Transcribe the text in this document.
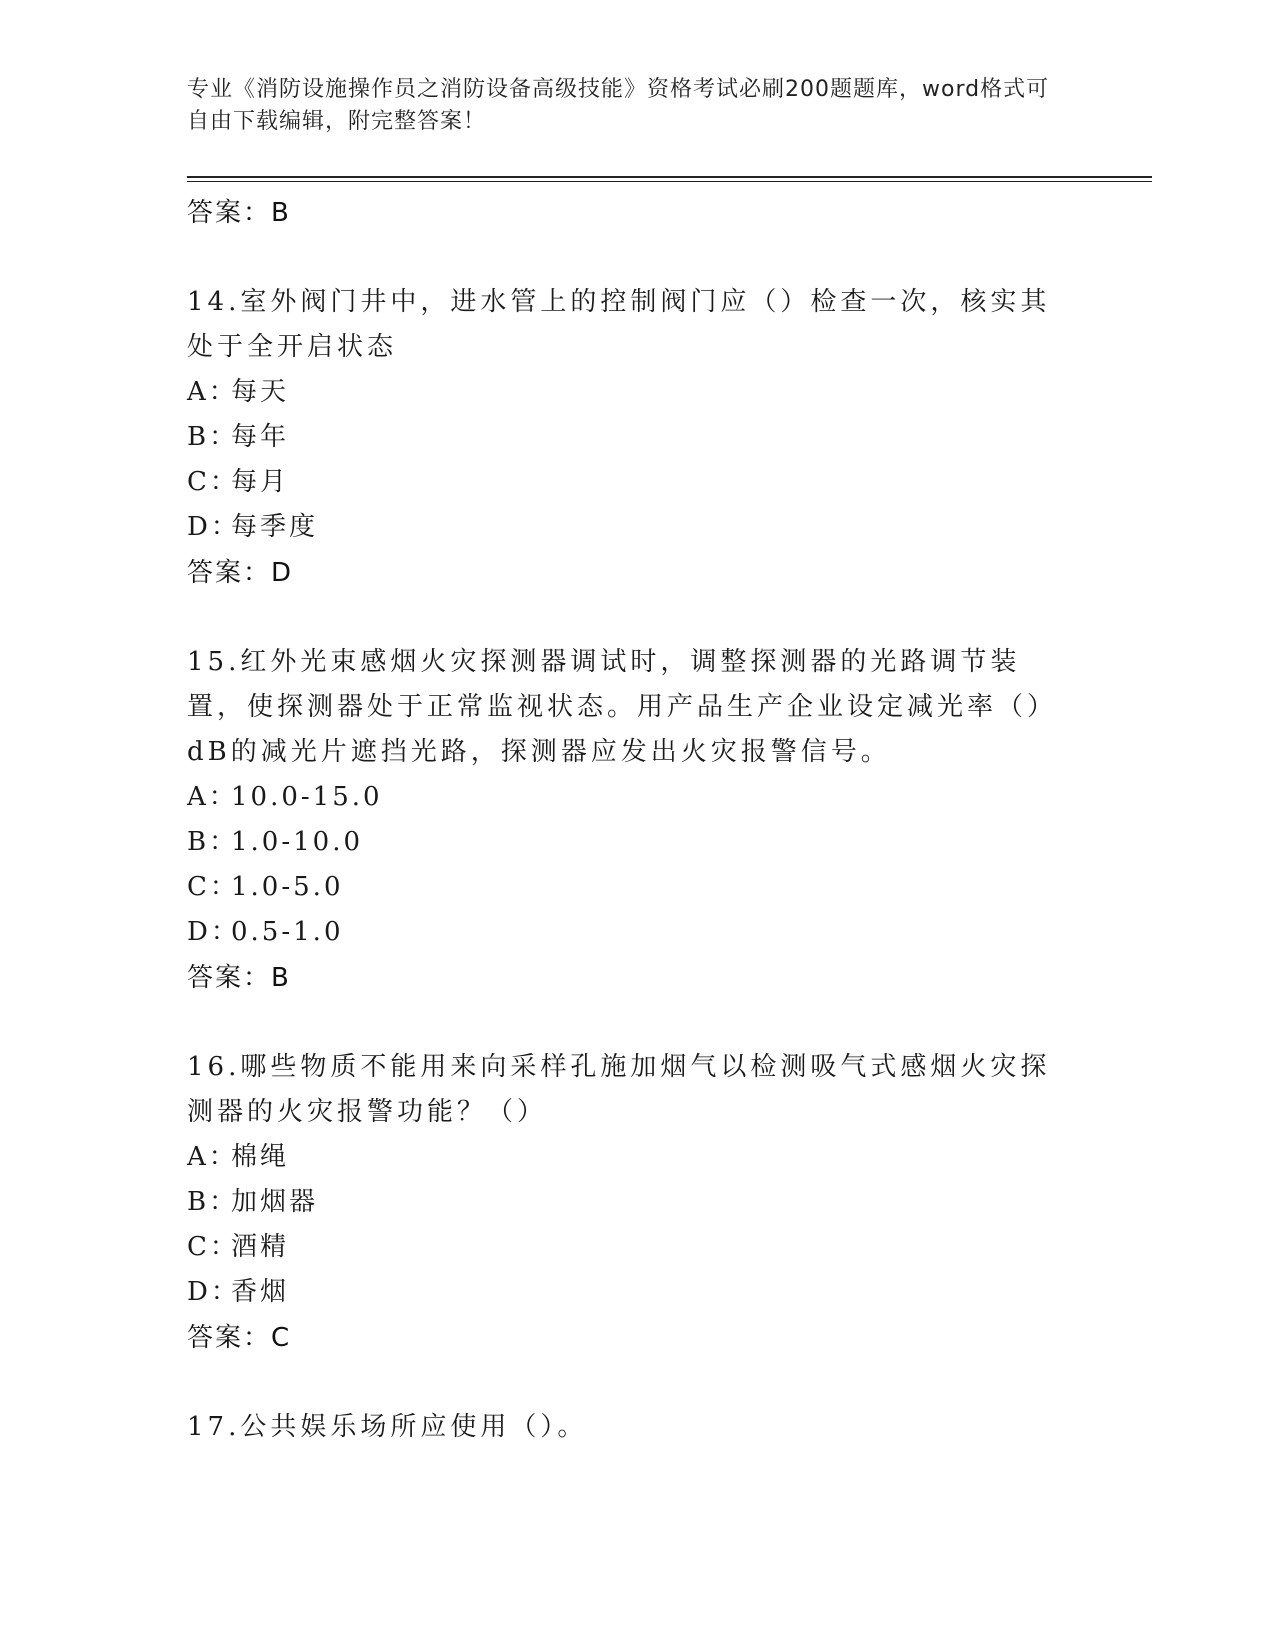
专业《消防设施操作员之消防设备高级技能》资格考试必刷200题题库，word格式可自由下载编辑，附完整答案！
答案：B
14.室外阀门井中，进水管上的控制阀门应（）检查一次，核实其处于全开启状态
A：每天
B：每年
C：每月
D：每季度
答案：D
15.红外光束感烟火灾探测器调试时，调整探测器的光路调节装置，使探测器处于正常监视状态。用产品生产企业设定减光率（）dB的减光片遮挡光路，探测器应发出火灾报警信号。
A：10.0-15.0
B：1.0-10.0
C：1.0-5.0
D：0.5-1.0
答案：B
16.哪些物质不能用来向采样孔施加烟气以检测吸气式感烟火灾探测器的火灾报警功能？（）
A：棉绳
B：加烟器
C：酒精
D：香烟
答案：C
17.公共娱乐场所应使用（）。
